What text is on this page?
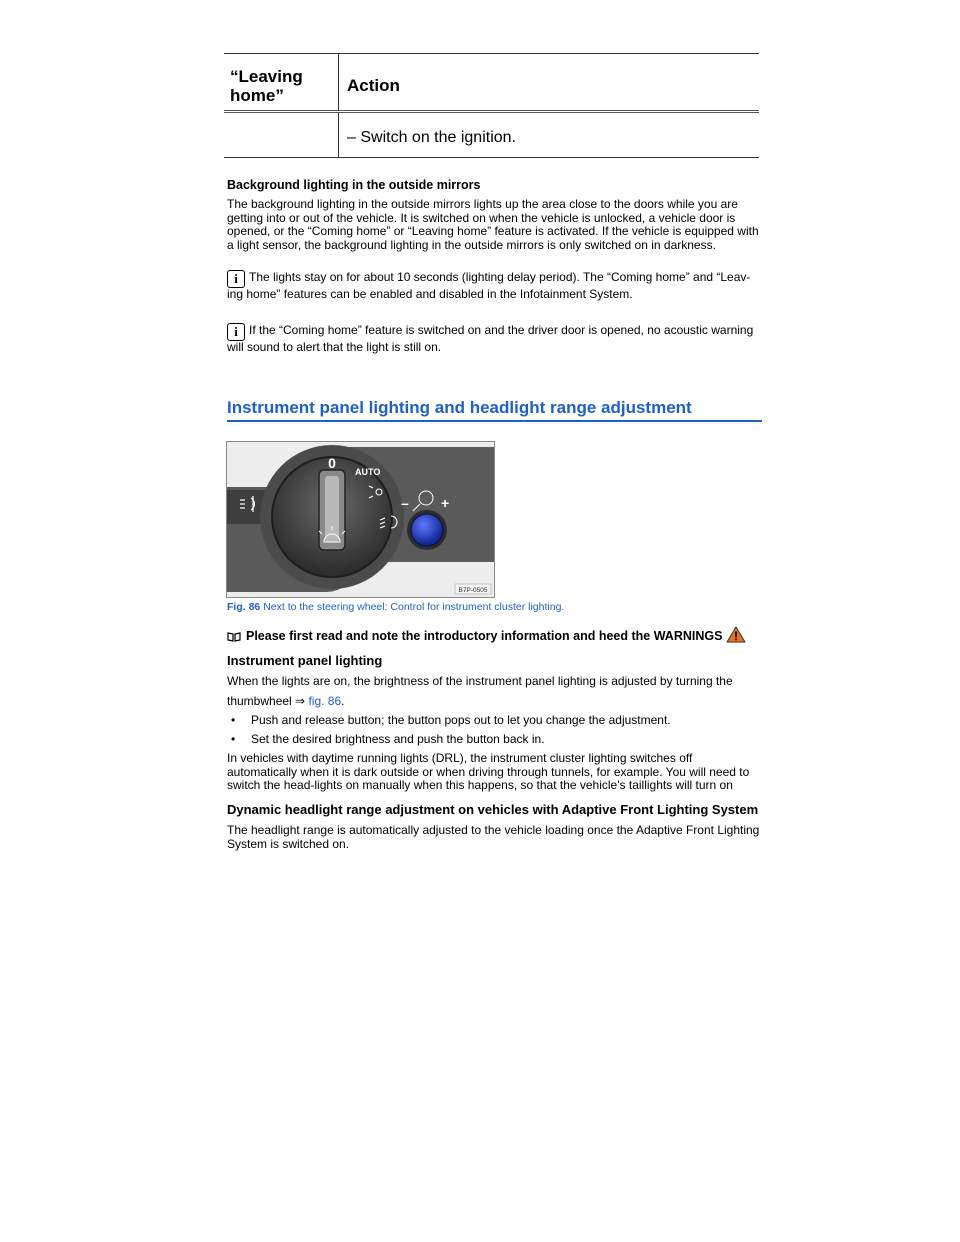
“Leaving home”
Action
– Switch on the ignition.

Background lighting in the outside mirrors

The background lighting in the outside mirrors lights up the area close to the doors while you are getting into or out of the vehicle. It is switched on when the vehicle is unlocked, a vehicle door is opened, or the “Coming home” or “Leaving home” feature is activated. If the vehicle is equipped with a light sensor, the background lighting in the outside mirrors is only switched on in darkness.

i The lights stay on for about 10 seconds (lighting delay period). The “Coming home” and “Leav-ing home” features can be enabled and disabled in the Infotainment System.
i If the “Coming home” feature is switched on and the driver door is opened, no acoustic warning will sound to alert that the light is still on.
Instrument panel lighting and headlight range adjustment
0
AUTO
– +
B7P-0505

Fig. 86 Next to the steering wheel: Control for instrument cluster lighting.

Please first read and note the introductory information and heed the WARNINGS

Instrument panel lighting

When the lights are on, the brightness of the instrument panel lighting is adjusted by turning the

thumbwheel ⇒ fig. 86.

•	Push and release button; the button pops out to let you change the adjustment.

•	Set the desired brightness and push the button back in.

In vehicles with daytime running lights (DRL), the instrument cluster lighting switches off automatically when it is dark outside or when driving through tunnels, for example. You will need to switch the head-lights on manually when this happens, so that the vehicle's taillights will turn on

Dynamic headlight range adjustment on vehicles with Adaptive Front Lighting System

The headlight range is automatically adjusted to the vehicle loading once the Adaptive Front Lighting System is switched on.
